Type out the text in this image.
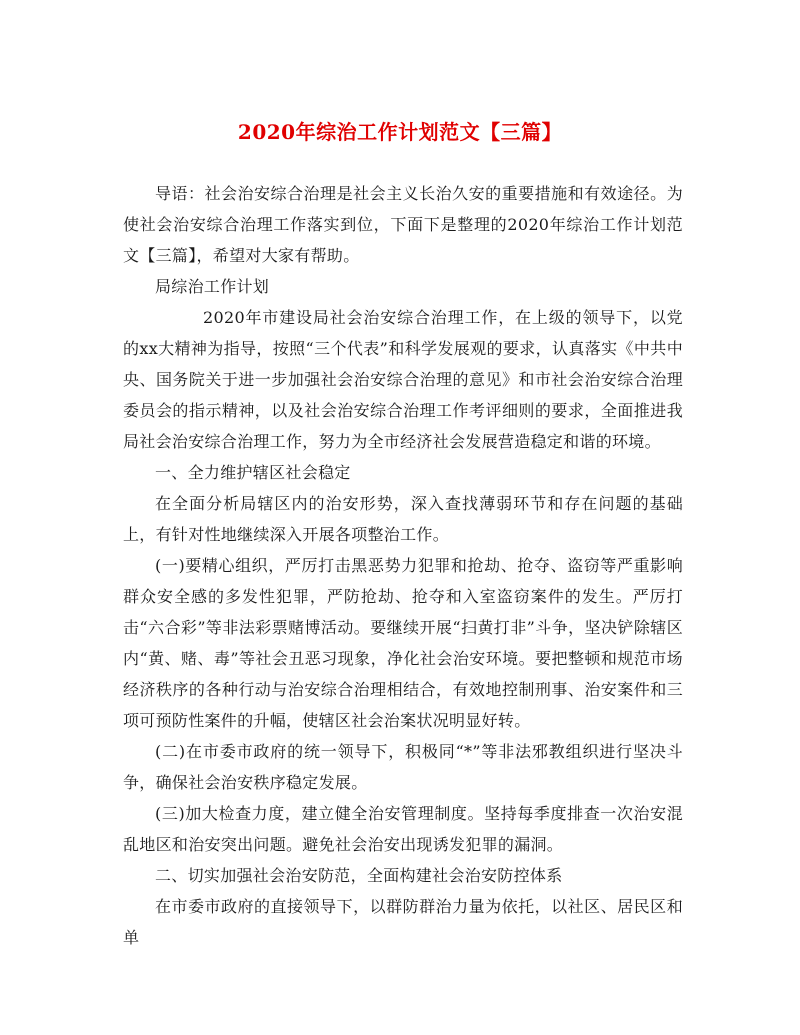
2020年综治工作计划范文【三篇】

导语：社会治安综合治理是社会主义长治久安的重要措施和有效途径。为使社会治安综合治理工作落实到位，下面下是整理的2020年综治工作计划范文【三篇】，希望对大家有帮助。

局综治工作计划

2020年市建设局社会治安综合治理工作，在上级的领导下，以党的xx大精神为指导，按照“三个代表”和科学发展观的要求，认真落实《中共中央、国务院关于进一步加强社会治安综合治理的意见》和市社会治安综合治理委员会的指示精神，以及社会治安综合治理工作考评细则的要求，全面推进我局社会治安综合治理工作，努力为全市经济社会发展营造稳定和谐的环境。

一、全力维护辖区社会稳定

在全面分析局辖区内的治安形势，深入查找薄弱环节和存在问题的基础上，有针对性地继续深入开展各项整治工作。

(一)要精心组织，严厉打击黑恶势力犯罪和抢劫、抢夺、盗窃等严重影响群众安全感的多发性犯罪，严防抢劫、抢夺和入室盗窃案件的发生。严厉打击“六合彩”等非法彩票赌博活动。要继续开展“扫黄打非”斗争，坚决铲除辖区内“黄、赌、毒”等社会丑恶习现象，净化社会治安环境。要把整顿和规范市场经济秩序的各种行动与治安综合治理相结合，有效地控制刑事、治安案件和三项可预防性案件的升幅，使辖区社会治案状况明显好转。

(二)在市委市政府的统一领导下，积极同“*”等非法邪教组织进行坚决斗争，确保社会治安秩序稳定发展。

(三)加大检查力度，建立健全治安管理制度。坚持每季度排查一次治安混乱地区和治安突出问题。避免社会治安出现诱发犯罪的漏洞。

二、切实加强社会治安防范，全面构建社会治安防控体系

在市委市政府的直接领导下，以群防群治力量为依托，以社区、居民区和单
